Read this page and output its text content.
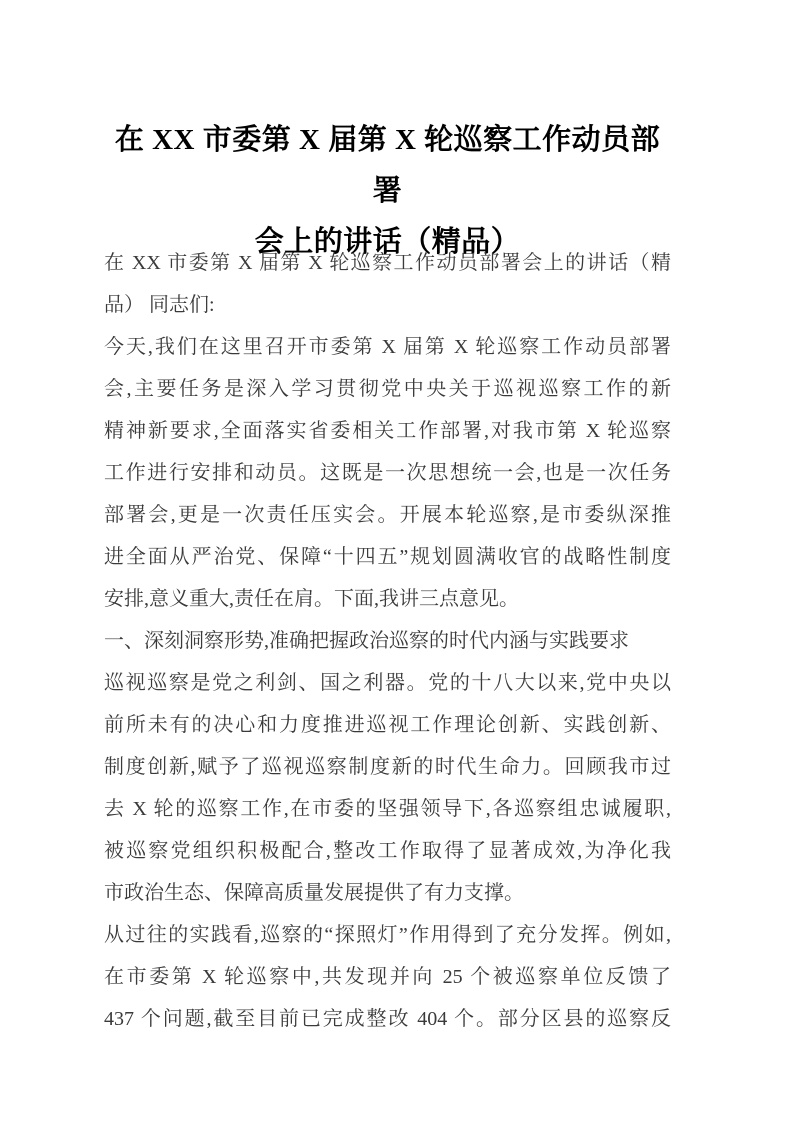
在 XX 市委第 X 届第 X 轮巡察工作动员部署
会上的讲话（精品）
在 XX 市委第 X 届第 X 轮巡察工作动员部署会上的讲话（精
品） 同志们:
今天,我们在这里召开市委第 X 届第 X 轮巡察工作动员部署
会,主要任务是深入学习贯彻党中央关于巡视巡察工作的新
精神新要求,全面落实省委相关工作部署,对我市第 X 轮巡察
工作进行安排和动员。这既是一次思想统一会,也是一次任务
部署会,更是一次责任压实会。开展本轮巡察,是市委纵深推
进全面从严治党、保障“十四五”规划圆满收官的战略性制度
安排,意义重大,责任在肩。下面,我讲三点意见。
一、深刻洞察形势,准确把握政治巡察的时代内涵与实践要求
巡视巡察是党之利剑、国之利器。党的十八大以来,党中央以
前所未有的决心和力度推进巡视工作理论创新、实践创新、
制度创新,赋予了巡视巡察制度新的时代生命力。回顾我市过
去 X 轮的巡察工作,在市委的坚强领导下,各巡察组忠诚履职,
被巡察党组织积极配合,整改工作取得了显著成效,为净化我
市政治生态、保障高质量发展提供了有力支撑。
从过往的实践看,巡察的“探照灯”作用得到了充分发挥。例如,
在市委第 X 轮巡察中,共发现并向 25 个被巡察单位反馈了
437 个问题,截至目前已完成整改 404 个。部分区县的巡察反
